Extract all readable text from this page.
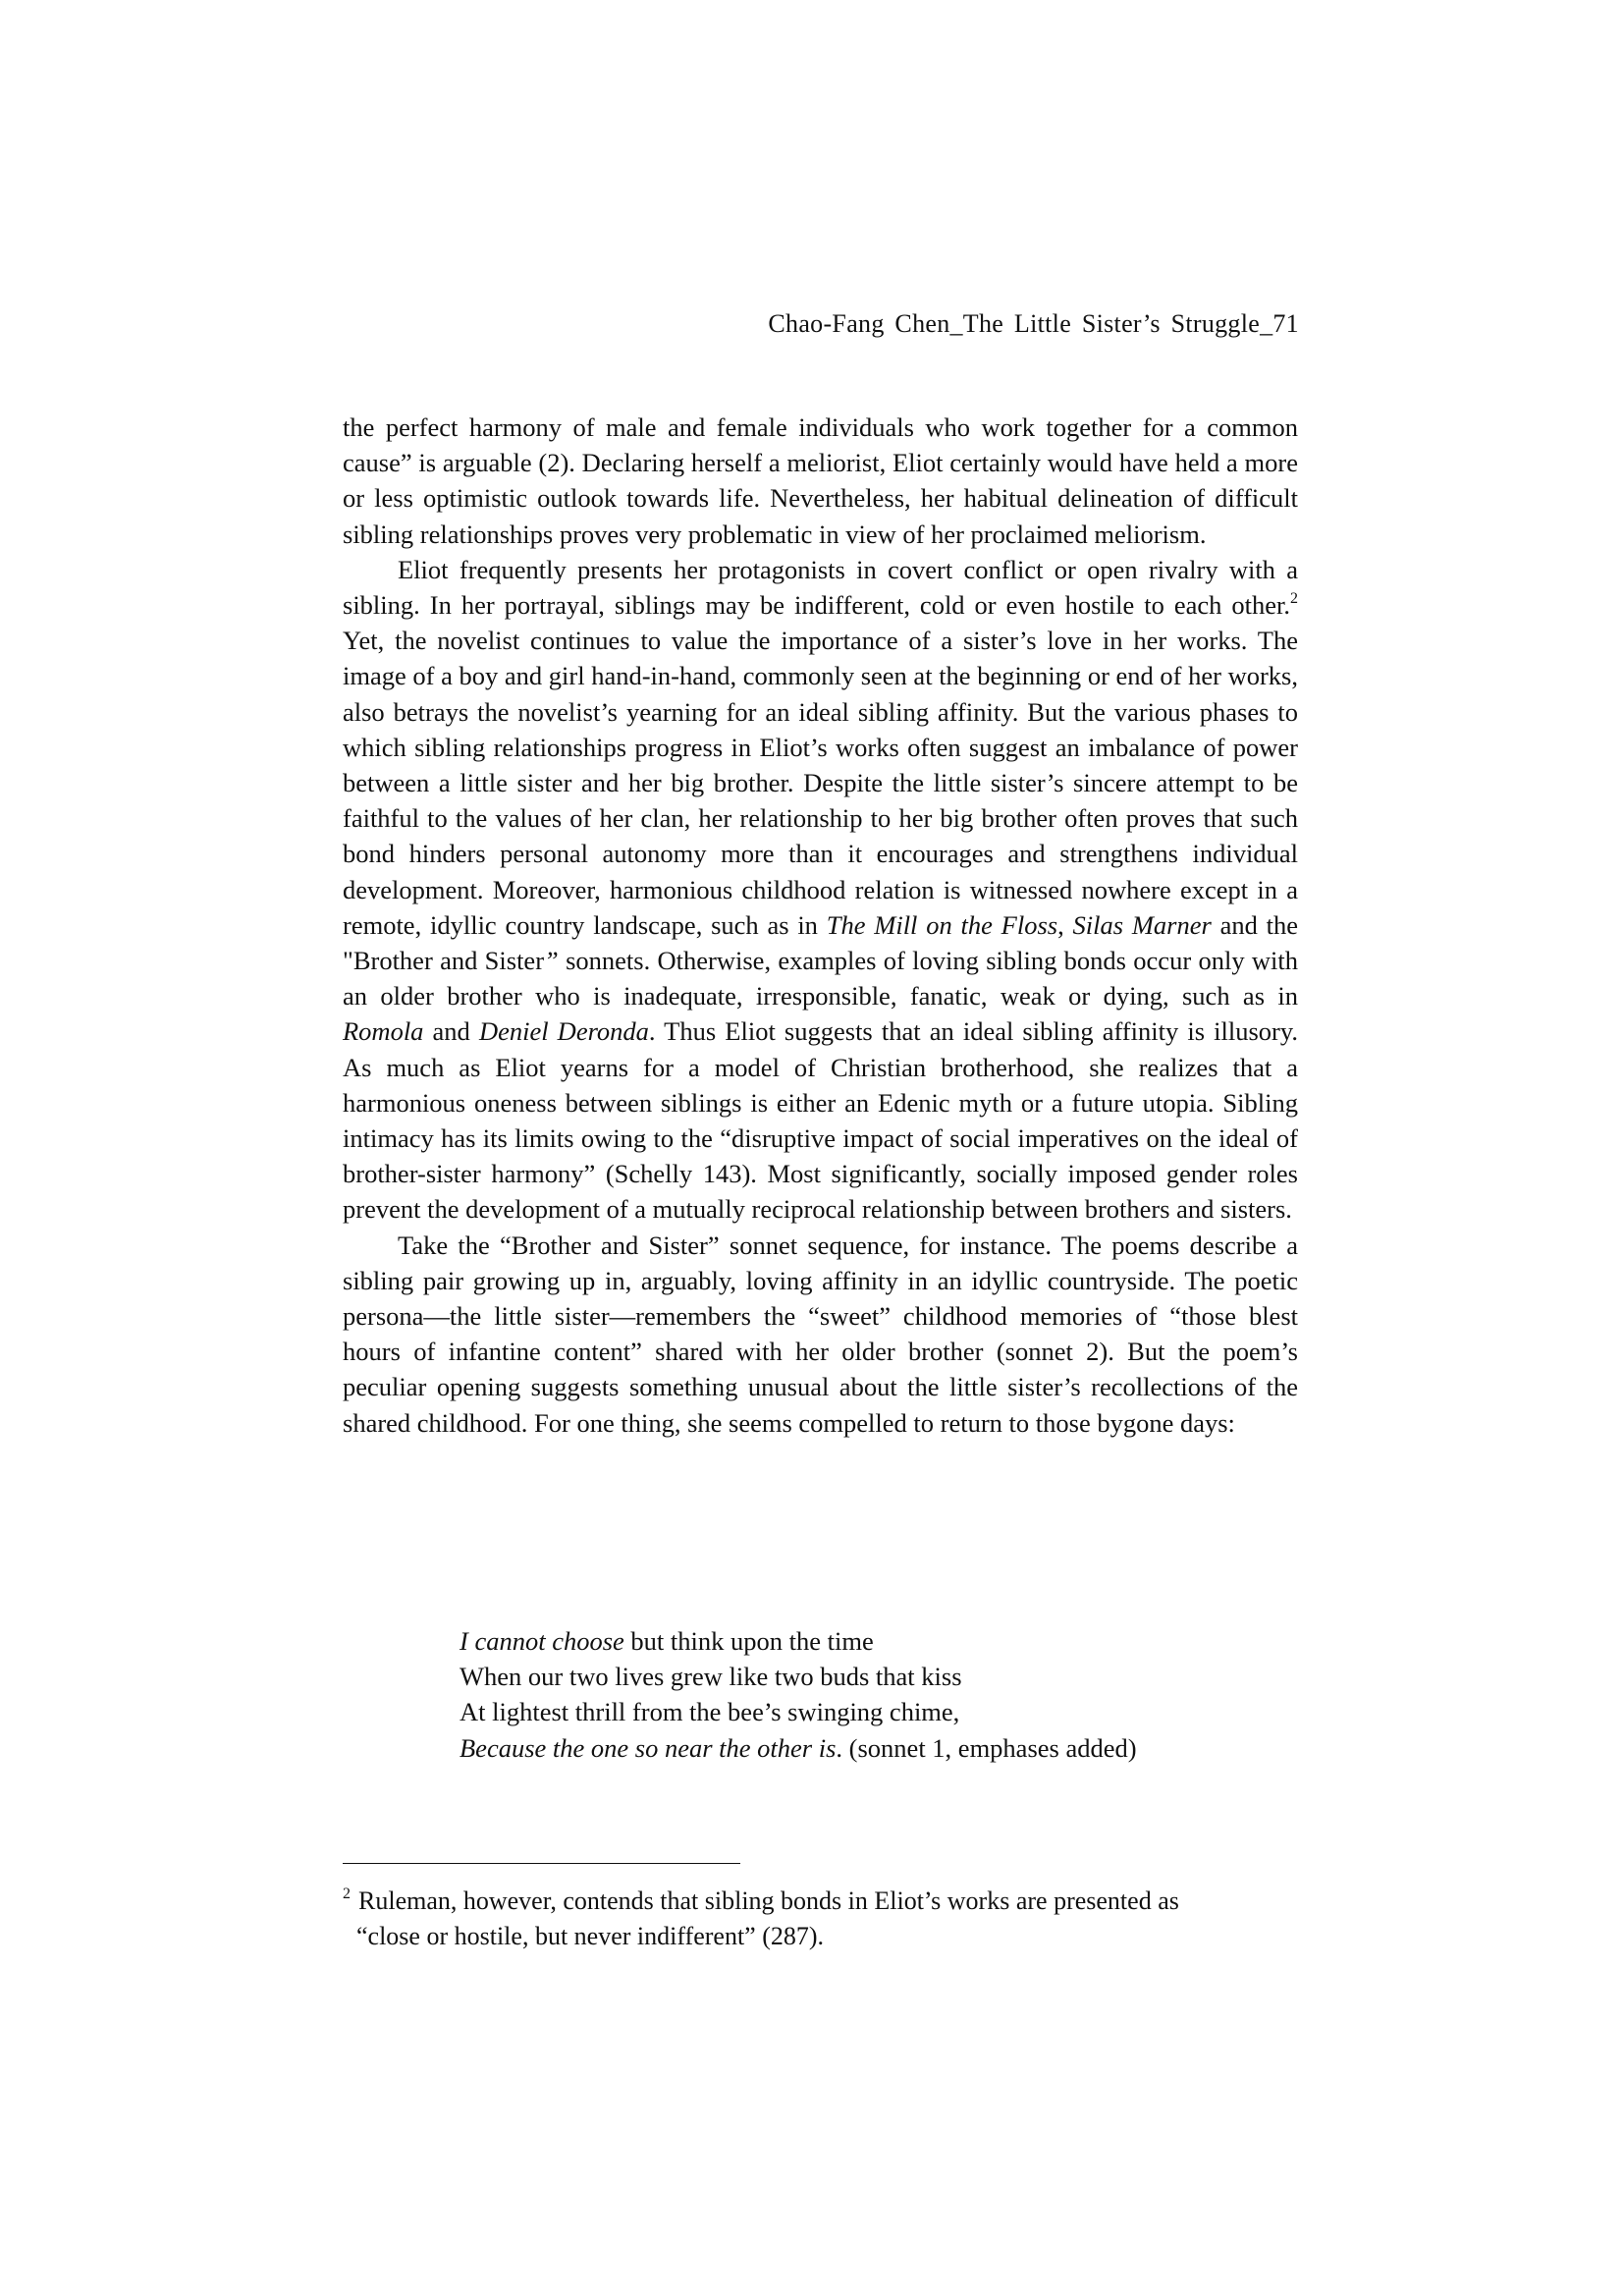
Chao-Fang Chen_The Little Sister’s Struggle_71

the perfect harmony of male and female individuals who work together for a common cause” is arguable (2). Declaring herself a meliorist, Eliot certainly would have held a more or less optimistic outlook towards life. Nevertheless, her habitual delineation of difficult sibling relationships proves very problematic in view of her proclaimed meliorism.

Eliot frequently presents her protagonists in covert conflict or open rivalry with a sibling. In her portrayal, siblings may be indifferent, cold or even hostile to each other.$^2$ Yet, the novelist continues to value the importance of a sister’s love in her works. The image of a boy and girl hand-in-hand, commonly seen at the beginning or end of her works, also betrays the novelist’s yearning for an ideal sibling affinity. But the various phases to which sibling relationships progress in Eliot’s works often suggest an imbalance of power between a little sister and her big brother. Despite the little sister’s sincere attempt to be faithful to the values of her clan, her relationship to her big brother often proves that such bond hinders personal autonomy more than it encourages and strengthens individual development. Moreover, harmonious childhood relation is witnessed nowhere except in a remote, idyllic country landscape, such as in The Mill on the Floss, Silas Marner and the "Brother and Sister” sonnets. Otherwise, examples of loving sibling bonds occur only with an older brother who is inadequate, irresponsible, fanatic, weak or dying, such as in Romola and Deniel Deronda. Thus Eliot suggests that an ideal sibling affinity is illusory. As much as Eliot yearns for a model of Christian brotherhood, she realizes that a harmonious oneness between siblings is either an Edenic myth or a future utopia. Sibling intimacy has its limits owing to the “disruptive impact of social imperatives on the ideal of brother-sister harmony” (Schelly 143). Most significantly, socially imposed gender roles prevent the development of a mutually reciprocal relationship between brothers and sisters.

Take the “Brother and Sister” sonnet sequence, for instance. The poems describe a sibling pair growing up in, arguably, loving affinity in an idyllic countryside. The poetic persona—the little sister—remembers the “sweet” childhood memories of “those blest hours of infantine content” shared with her older brother (sonnet 2). But the poem’s peculiar opening suggests something unusual about the little sister’s recollections of the shared childhood. For one thing, she seems compelled to return to those bygone days:

I cannot choose but think upon the time
When our two lives grew like two buds that kiss
At lightest thrill from the bee’s swinging chime,
Because the one so near the other is. (sonnet 1, emphases added)
$^2$ Ruleman, however, contends that sibling bonds in Eliot’s works are presented as
“close or hostile, but never indifferent” (287).
